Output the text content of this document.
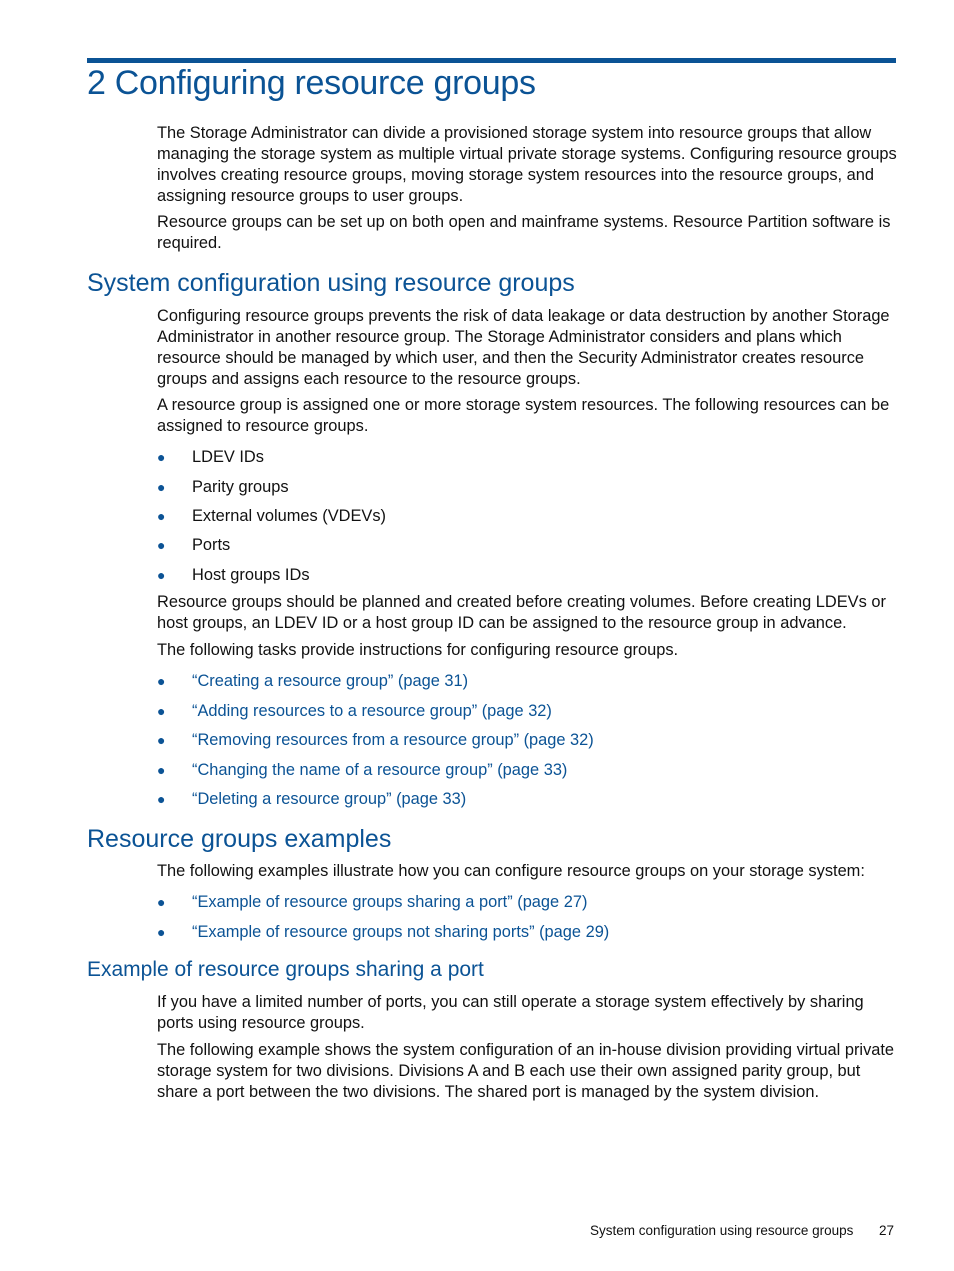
2 Configuring resource groups

The Storage Administrator can divide a provisioned storage system into resource groups that allow managing the storage system as multiple virtual private storage systems. Configuring resource groups involves creating resource groups, moving storage system resources into the resource groups, and assigning resource groups to user groups.

Resource groups can be set up on both open and mainframe systems. Resource Partition software is required.

System configuration using resource groups

Configuring resource groups prevents the risk of data leakage or data destruction by another Storage Administrator in another resource group. The Storage Administrator considers and plans which resource should be managed by which user, and then the Security Administrator creates resource groups and assigns each resource to the resource groups.

A resource group is assigned one or more storage system resources. The following resources can be assigned to resource groups.

● LDEV IDs
● Parity groups
● External volumes (VDEVs)
● Ports
● Host groups IDs

Resource groups should be planned and created before creating volumes. Before creating LDEVs or host groups, an LDEV ID or a host group ID can be assigned to the resource group in advance.

The following tasks provide instructions for configuring resource groups.

● “Creating a resource group” (page 31)
● “Adding resources to a resource group” (page 32)
● “Removing resources from a resource group” (page 32)
● “Changing the name of a resource group” (page 33)
● “Deleting a resource group” (page 33)
Resource groups examples

The following examples illustrate how you can configure resource groups on your storage system:

● “Example of resource groups sharing a port” (page 27)
● “Example of resource groups not sharing ports” (page 29)
Example of resource groups sharing a port

If you have a limited number of ports, you can still operate a storage system effectively by sharing ports using resource groups.

The following example shows the system configuration of an in-house division providing virtual private storage system for two divisions. Divisions A and B each use their own assigned parity group, but share a port between the two divisions. The shared port is managed by the system division.

System configuration using resource groups 27
